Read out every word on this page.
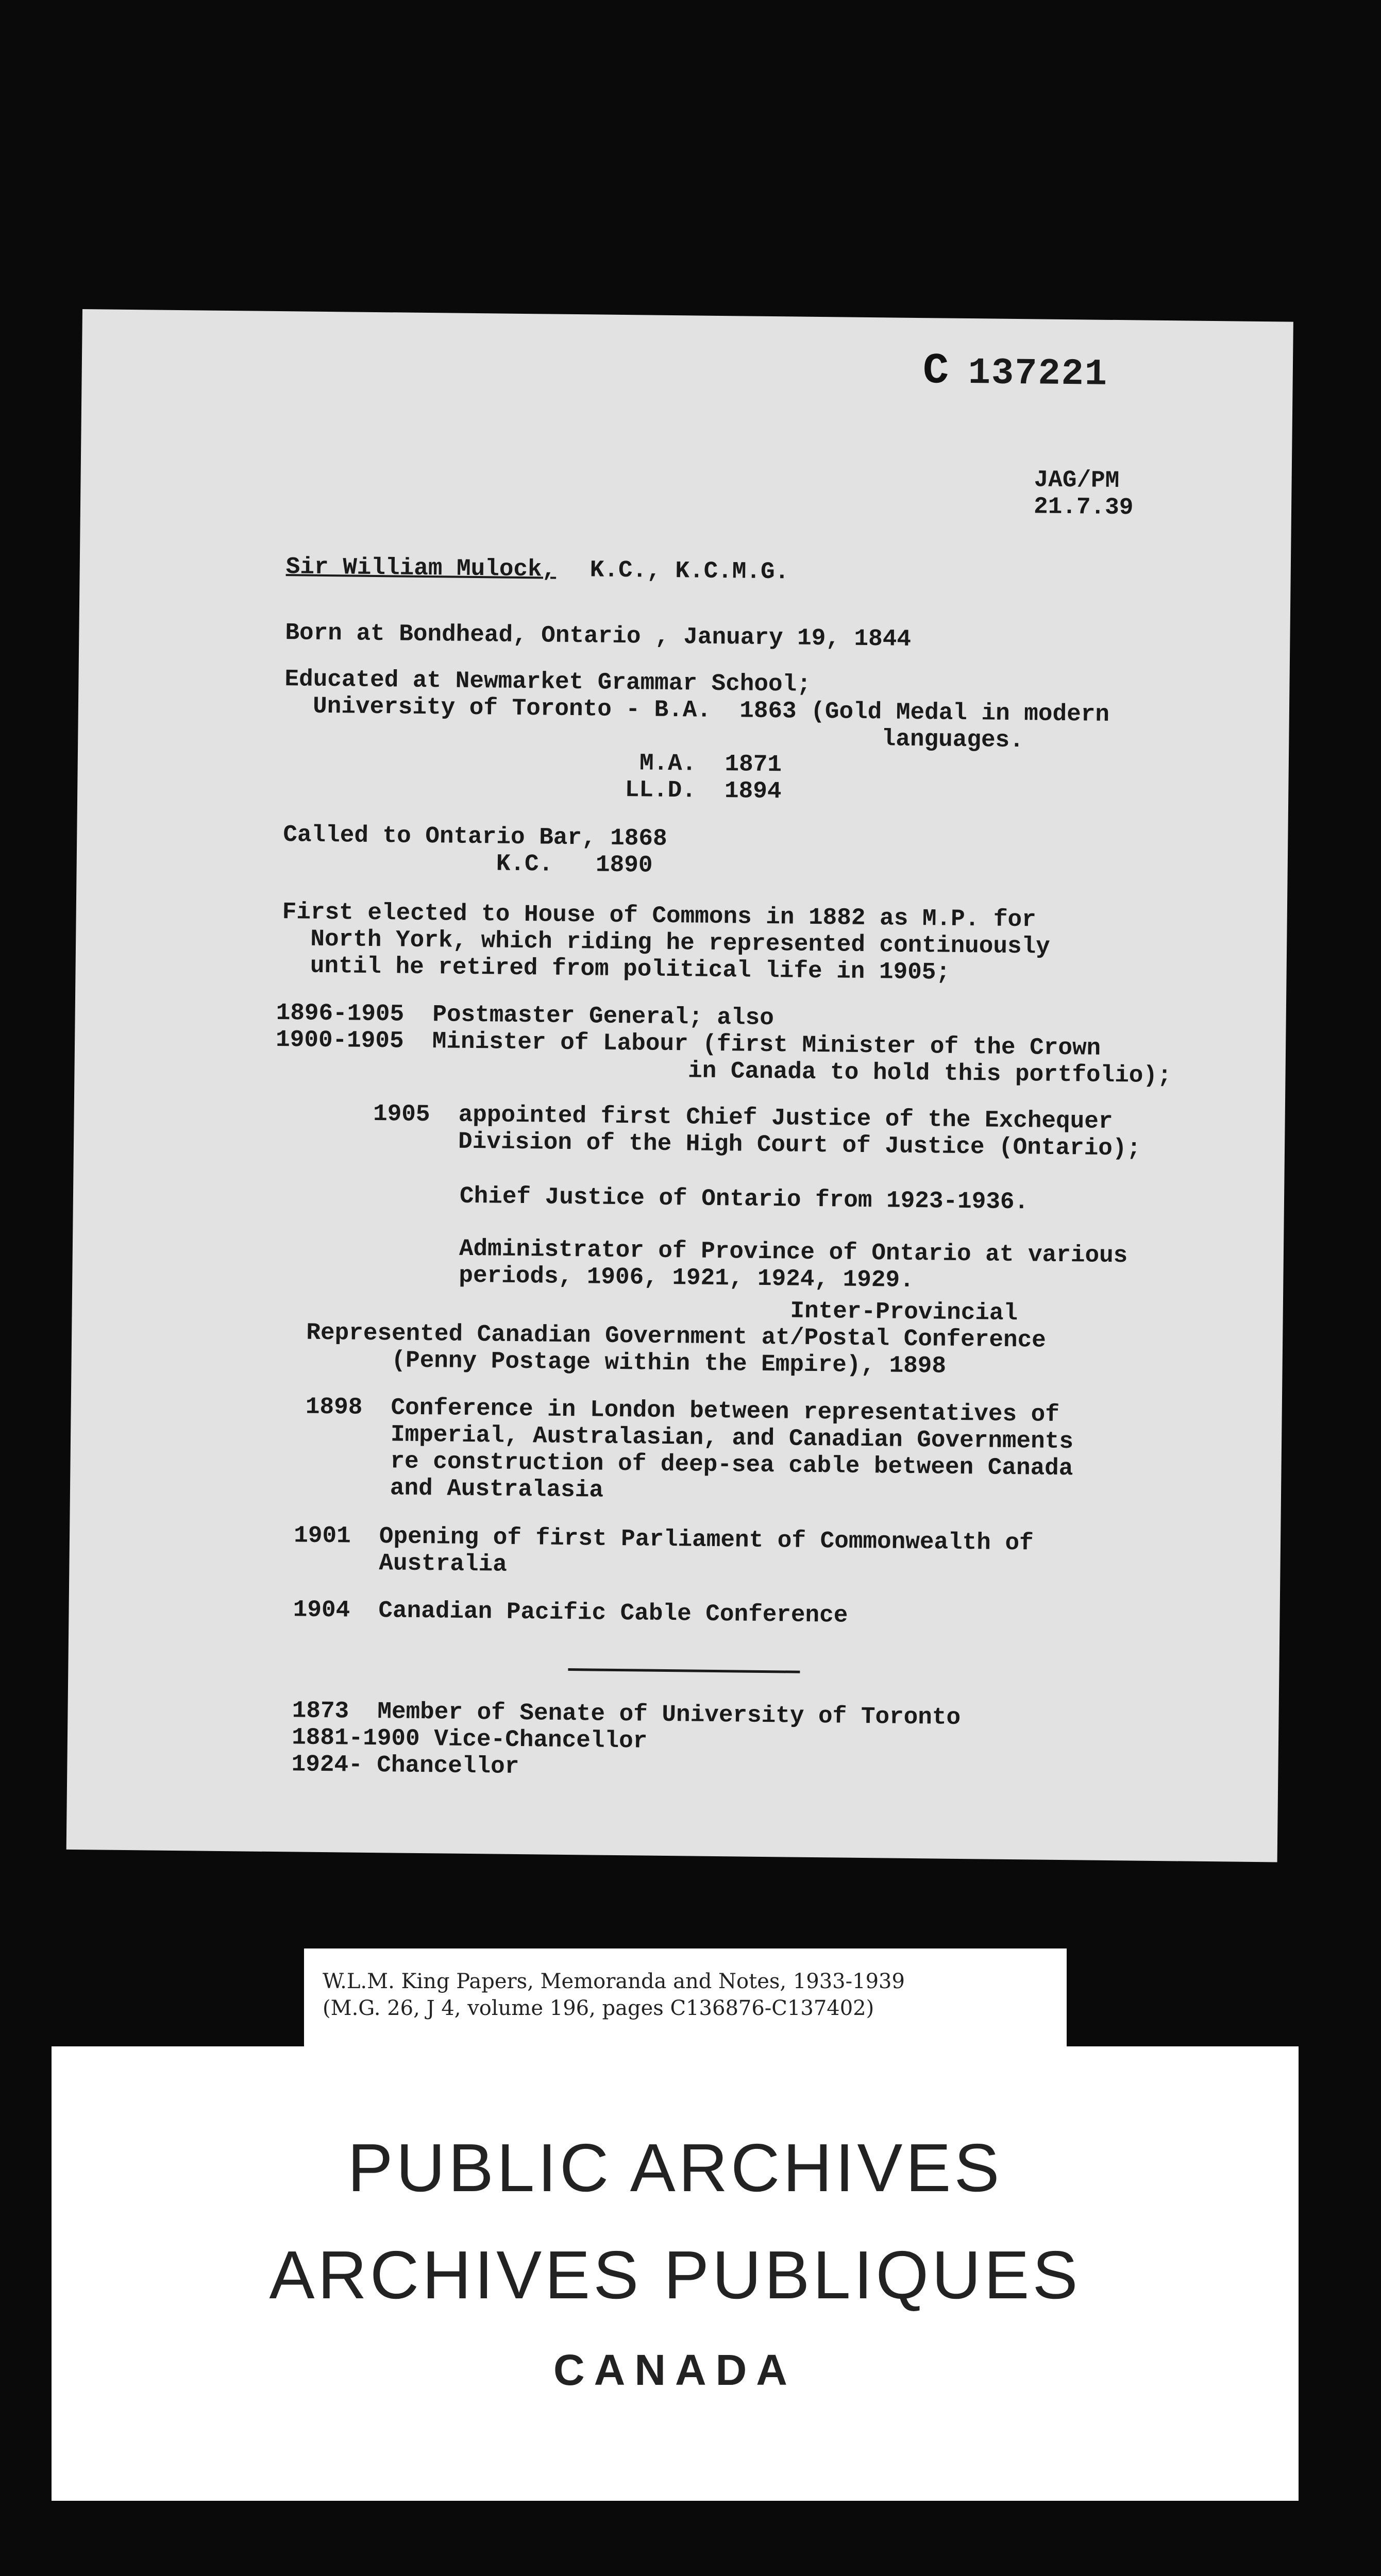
C 137221
JAG/PM
21.7.39
Sir William Mulock, K.C., K.C.M.G.
Born at Bondhead, Ontario , January 19, 1844
Educated at Newmarket Grammar School;
University of Toronto - B.A.  1863 (Gold Medal in modern
languages.
M.A.  1871
LL.D.  1894
Called to Ontario Bar, 1868
K.C.   1890
First elected to House of Commons in 1882 as M.P. for
North York, which riding he represented continuously
until he retired from political life in 1905;
1896-1905  Postmaster General; also
1900-1905  Minister of Labour (first Minister of the Crown
in Canada to hold this portfolio);
1905  appointed first Chief Justice of the Exchequer
Division of the High Court of Justice (Ontario);
Chief Justice of Ontario from 1923-1936.
Administrator of Province of Ontario at various
periods, 1906, 1921, 1924, 1929.
Inter-Provincial
Represented Canadian Government at/Postal Conference
(Penny Postage within the Empire), 1898
1898  Conference in London between representatives of
Imperial, Australasian, and Canadian Governments
re construction of deep-sea cable between Canada
and Australasia
1901  Opening of first Parliament of Commonwealth of
Australia
1904  Canadian Pacific Cable Conference
1873  Member of Senate of University of Toronto
1881-1900 Vice-Chancellor
1924- Chancellor
W.L.M. King Papers, Memoranda and Notes, 1933-1939
(M.G. 26, J 4, volume 196, pages C136876-C137402)
PUBLIC ARCHIVES
ARCHIVES PUBLIQUES
CANADA
